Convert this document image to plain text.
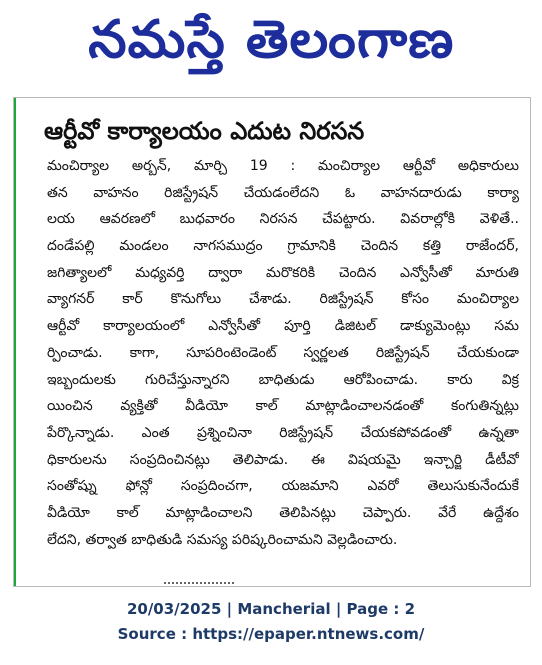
నమస్తే తెలంగాణ
ఆర్టీవో కార్యాలయం ఎదుట నిరసన
మంచిర్యాల అర్బన్, మార్చి 19 : మంచిర్యాల ఆర్టీవో అధికారులు
తన వాహనం రిజిస్ట్రేషన్ చేయడంలేదని ఓ వాహనదారుడు కార్యా
లయ ఆవరణలో బుధవారం నిరసన చేపట్టారు. వివరాల్లోకి వెళితే..
దండేపల్లి మండలం నాగసముద్రం గ్రామానికి చెందిన కత్తి రాజేందర్,
జగిత్యాలలో మధ్యవర్తి ద్వారా మరొకరికి చెందిన ఎన్వోసీతో మారుతి
వ్యాగనర్ కార్ కొనుగోలు చేశాడు. రిజిస్ట్రేషన్ కోసం మంచిర్యాల
ఆర్టీవో కార్యాలయంలో ఎన్వోసీతో పూర్తి డిజిటల్ డాక్యుమెంట్లు సమ
ర్పించాడు. కాగా, సూపరింటెండెంట్ స్వర్ణలత రిజిస్ట్రేషన్ చేయకుండా
ఇబ్బందులకు గురిచేస్తున్నారని బాధితుడు ఆరోపించాడు. కారు విక్ర
యించిన వ్యక్తితో వీడియో కాల్ మాట్లాడించాలనడంతో కంగుతిన్నట్లు
పేర్కొన్నాడు. ఎంత ప్రశ్నించినా రిజిస్ట్రేషన్ చేయకపోవడంతో ఉన్నతా
ధికారులను సంప్రదించినట్లు తెలిపాడు. ఈ విషయమై ఇన్చార్జి డీటీవో
సంతోష్ను ఫోన్లో సంప్రదించగా, యజమాని ఎవరో తెలుసుకునేందుకే
వీడియో కాల్ మాట్లాడించాలని తెలిపినట్లు చెప్పారు. వేరే ఉద్దేశం
లేదని, తర్వాత బాధితుడి సమస్య పరిష్కరించామని వెల్లడించారు.
20/03/2025 | Mancherial | Page : 2
Source : https://epaper.ntnews.com/
